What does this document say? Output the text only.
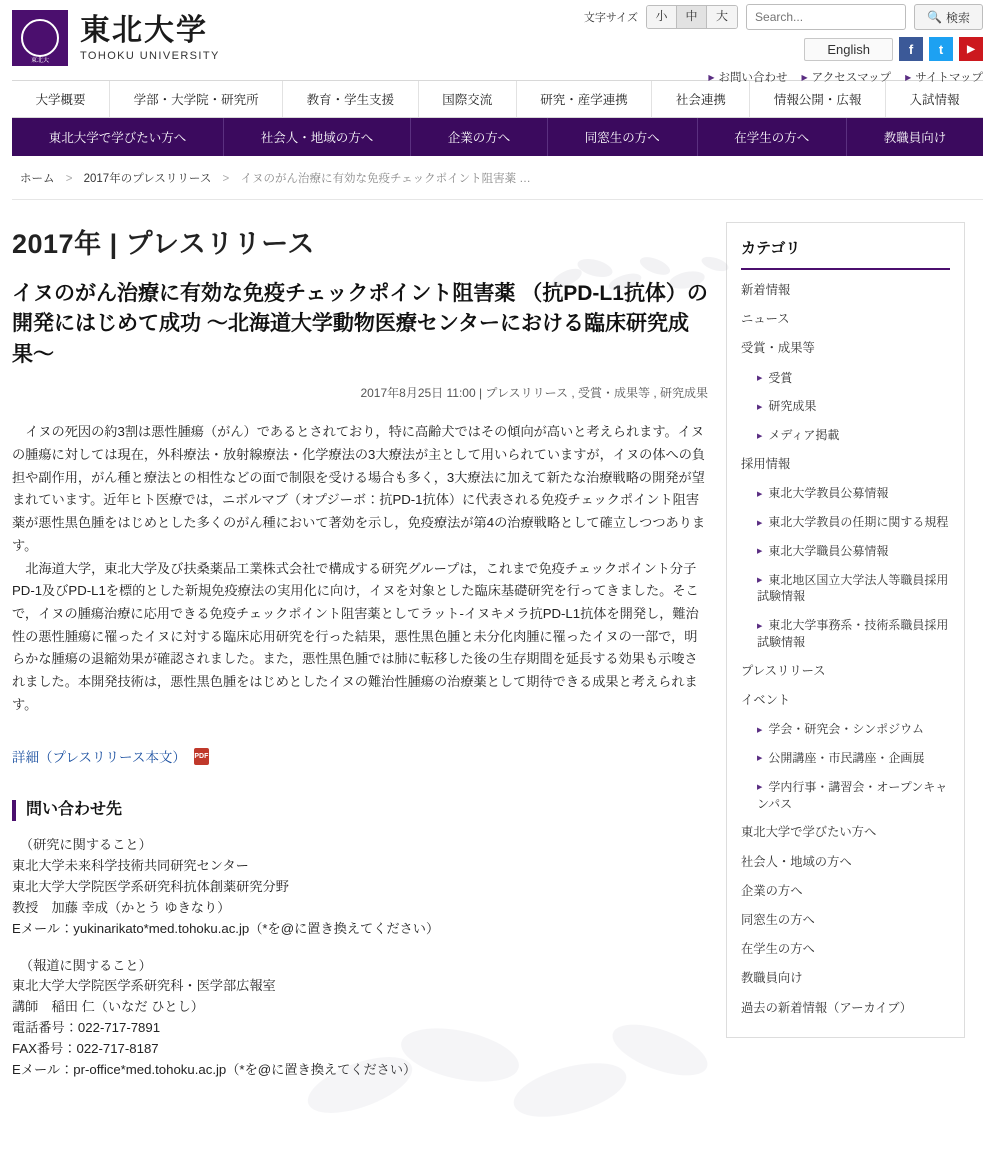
東北大
東北大学
TOHOKU UNIVERSITY
文字サイズ	小	中	大
Search...	🔍 検索
English	f	t	▶
▶ お問い合わせ	▶ アクセスマップ	▶ サイトマップ
大学概要	学部・大学院・研究所	教育・学生支援	国際交流	研究・産学連携	社会連携	情報公開・広報	入試情報
東北大学で学びたい方へ	社会人・地域の方へ	企業の方へ	同窓生の方へ	在学生の方へ	教職員向け
ホーム > 2017年のプレスリリース > イヌのがん治療に有効な免疫チェックポイント阻害薬 …
2017年 | プレスリリース
イヌのがん治療に有効な免疫チェックポイント阻害薬 （抗PD-L1抗体）の開発にはじめて成功 〜北海道大学動物医療センターにおける臨床研究成果〜
2017年8月25日 11:00 | プレスリリース , 受賞・成果等 , 研究成果

イヌの死因の約3割は悪性腫瘍（がん）であるとされており，特に高齢犬ではその傾向が高いと考えられます。イヌの腫瘍に対しては現在，外科療法・放射線療法・化学療法の3大療法が主として用いられていますが，イヌの体への負担や副作用，がん種と療法との相性などの面で制限を受ける場合も多く，3大療法に加えて新たな治療戦略の開発が望まれています。近年ヒト医療では，ニボルマブ（オプジーボ：抗PD-1抗体）に代表される免疫チェックポイント阻害薬が悪性黒色腫をはじめとした多くのがん種において著効を示し，免疫療法が第4の治療戦略として確立しつつあります。

北海道大学，東北大学及び扶桑薬品工業株式会社で構成する研究グループは，これまで免疫チェックポイント分子PD-1及びPD-L1を標的とした新規免疫療法の実用化に向け，イヌを対象とした臨床基礎研究を行ってきました。そこで，イヌの腫瘍治療に応用できる免疫チェックポイント阻害薬としてラット-イヌキメラ抗PD-L1抗体を開発し，難治性の悪性腫瘍に罹ったイヌに対する臨床応用研究を行った結果，悪性黒色腫と未分化肉腫に罹ったイヌの一部で，明らかな腫瘍の退縮効果が確認されました。また，悪性黒色腫では肺に転移した後の生存期間を延長する効果も示唆されました。本開発技術は，悪性黒色腫をはじめとしたイヌの難治性腫瘍の治療薬として期待できる成果と考えられます。

詳細（プレスリリース本文） PDF
問い合わせ先
（研究に関すること）
東北大学未来科学技術共同研究センター
東北大学大学院医学系研究科抗体創薬研究分野
教授　加藤 幸成（かとう ゆきなり）
Eメール：yukinarikato*med.tohoku.ac.jp（*を@に置き換えてください）
（報道に関すること）
東北大学大学院医学系研究科・医学部広報室
講師　稲田 仁（いなだ ひとし）
電話番号：022-717-7891
FAX番号：022-717-8187
Eメール：pr-office*med.tohoku.ac.jp（*を@に置き換えてください）
カテゴリ
新着情報
ニュース
受賞・成果等
▶ 受賞
▶ 研究成果
▶ メディア掲載
採用情報
▶ 東北大学教員公募情報
▶ 東北大学教員の任期に関する規程
▶ 東北大学職員公募情報
▶ 東北地区国立大学法人等職員採用試験情報
▶ 東北大学事務系・技術系職員採用試験情報
プレスリリース
イベント
▶ 学会・研究会・シンポジウム
▶ 公開講座・市民講座・企画展
▶ 学内行事・講習会・オープンキャンパス
東北大学で学びたい方へ
社会人・地域の方へ
企業の方へ
同窓生の方へ
在学生の方へ
教職員向け
過去の新着情報（アーカイブ）
